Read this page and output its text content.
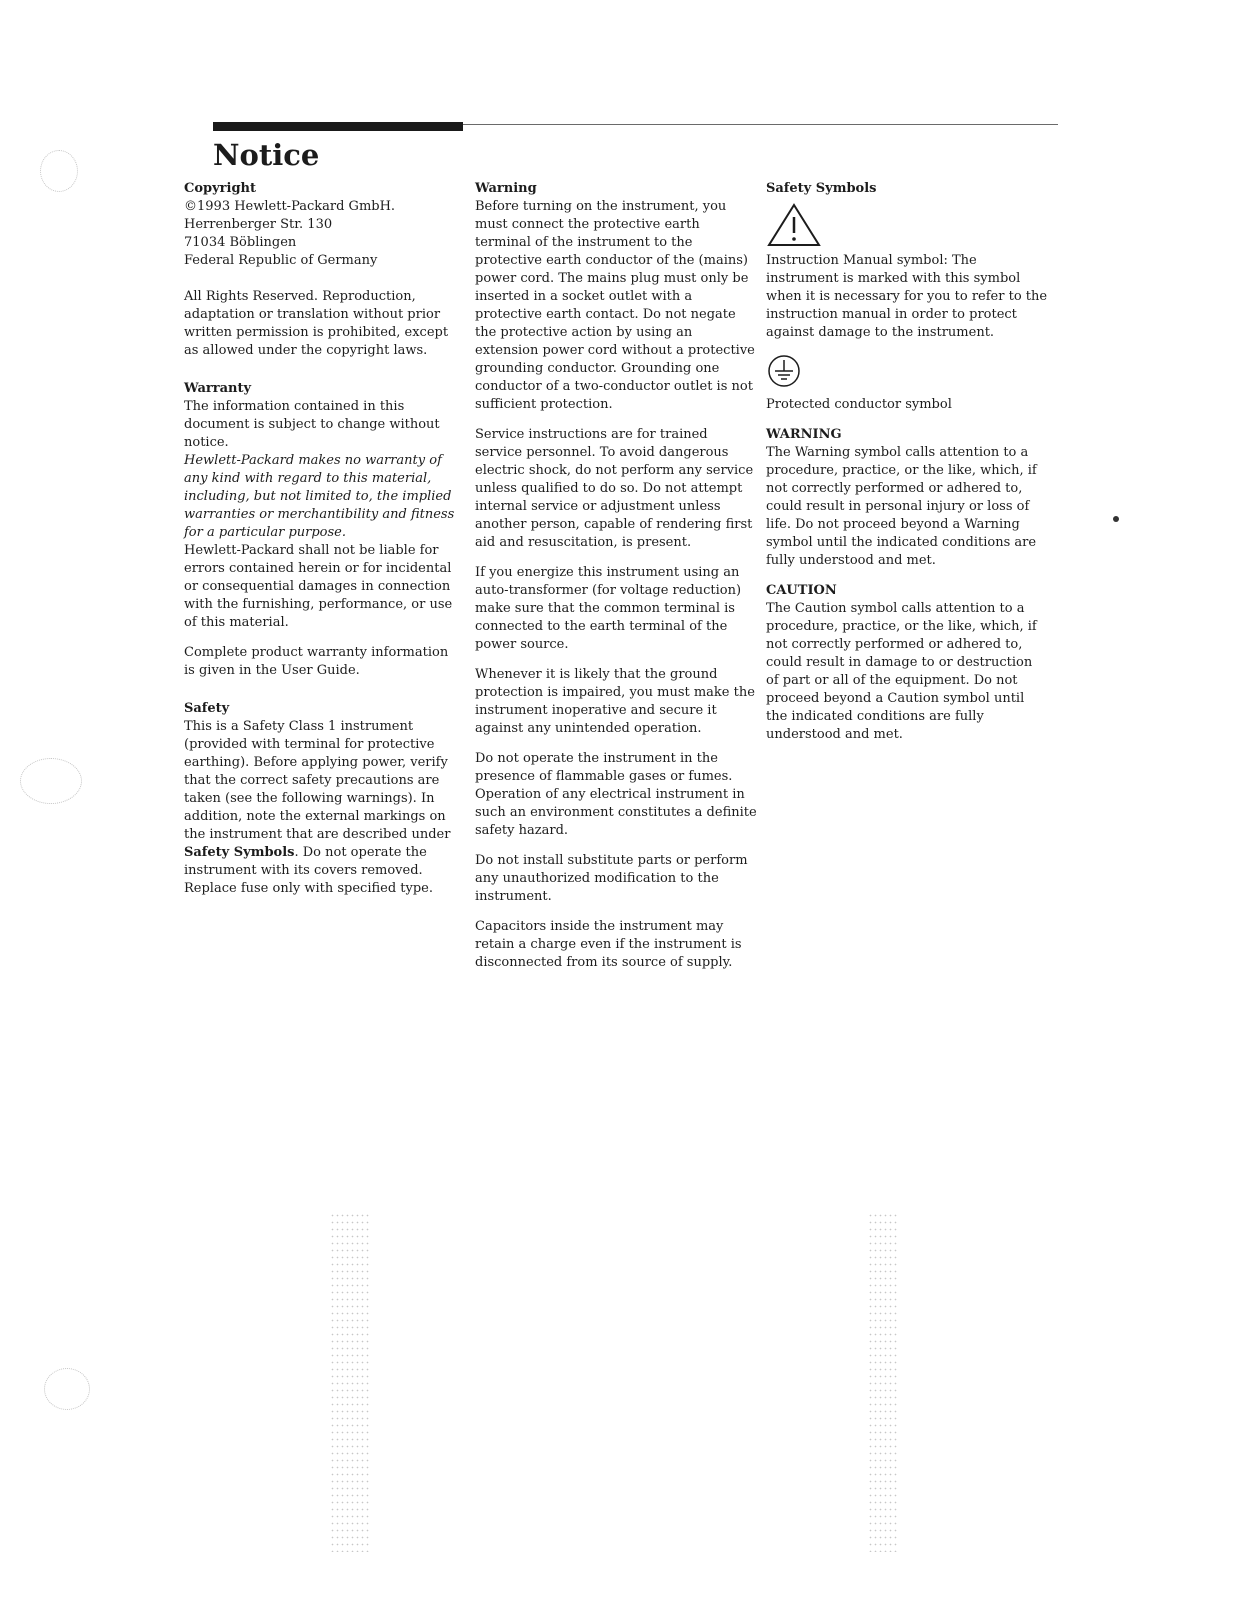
Notice
Copyright
©1993 Hewlett-Packard GmbH.
Herrenberger Str. 130
71034 Böblingen
Federal Republic of Germany

All Rights Reserved. Reproduction, adaptation or translation without prior written permission is prohibited, except as allowed under the copyright laws.

Warranty
The information contained in this document is subject to change without notice.
Hewlett-Packard makes no warranty of any kind with regard to this material, including, but not limited to, the implied warranties or merchantibility and fitness for a particular purpose.

Hewlett-Packard shall not be liable for errors contained herein or for incidental or consequential damages in connection with the furnishing, performance, or use of this material.

Complete product warranty information is given in the User Guide.

Safety

This is a Safety Class 1 instrument (provided with terminal for protective earthing). Before applying power, verify that the correct safety precautions are taken (see the following warnings). In addition, note the external markings on the instrument that are described under Safety Symbols. Do not operate the instrument with its covers removed. Replace fuse only with specified type.

Warning

Before turning on the instrument, you must connect the protective earth terminal of the instrument to the protective earth conductor of the (mains) power cord. The mains plug must only be inserted in a socket outlet with a protective earth contact. Do not negate the protective action by using an extension power cord without a protective grounding conductor. Grounding one conductor of a two-conductor outlet is not sufficient protection.

Service instructions are for trained service personnel. To avoid dangerous electric shock, do not perform any service unless qualified to do so. Do not attempt internal service or adjustment unless another person, capable of rendering first aid and resuscitation, is present.

If you energize this instrument using an auto-transformer (for voltage reduction) make sure that the common terminal is connected to the earth terminal of the power source.

Whenever it is likely that the ground protection is impaired, you must make the instrument inoperative and secure it against any unintended operation.

Do not operate the instrument in the presence of flammable gases or fumes. Operation of any electrical instrument in such an environment constitutes a definite safety hazard.

Do not install substitute parts or perform any unauthorized modification to the instrument.

Capacitors inside the instrument may retain a charge even if the instrument is disconnected from its source of supply.

Safety Symbols

Instruction Manual symbol: The instrument is marked with this symbol when it is necessary for you to refer to the instruction manual in order to protect against damage to the instrument.

Protected conductor symbol

WARNING

The Warning symbol calls attention to a procedure, practice, or the like, which, if not correctly performed or adhered to, could result in personal injury or loss of life. Do not proceed beyond a Warning symbol until the indicated conditions are fully understood and met.

CAUTION

The Caution symbol calls attention to a procedure, practice, or the like, which, if not correctly performed or adhered to, could result in damage to or destruction of part or all of the equipment. Do not proceed beyond a Caution symbol until the indicated conditions are fully understood and met.
